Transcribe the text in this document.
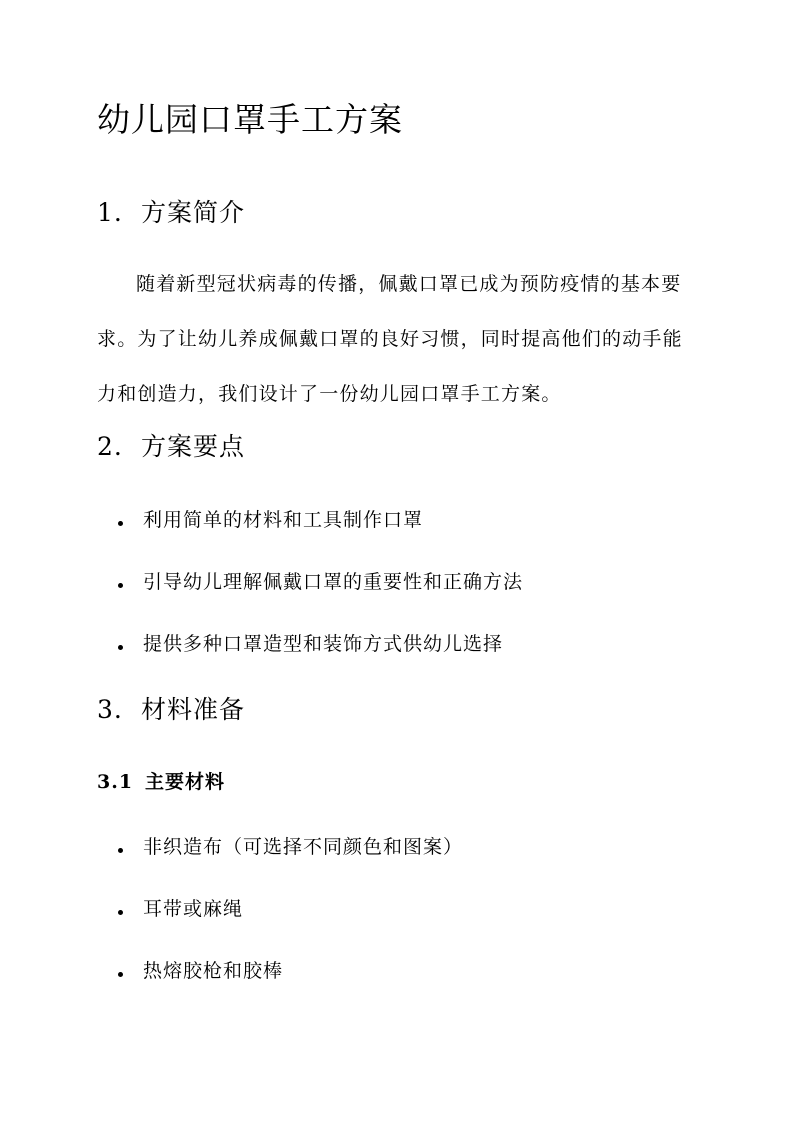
幼儿园口罩手工方案
1. 方案简介
随着新型冠状病毒的传播，佩戴口罩已成为预防疫情的基本要
求。为了让幼儿养成佩戴口罩的良好习惯，同时提高他们的动手能
力和创造力，我们设计了一份幼儿园口罩手工方案。
2. 方案要点
利用简单的材料和工具制作口罩
引导幼儿理解佩戴口罩的重要性和正确方法
提供多种口罩造型和装饰方式供幼儿选择
3. 材料准备
3.1 主要材料
非织造布（可选择不同颜色和图案）
耳带或麻绳
热熔胶枪和胶棒
